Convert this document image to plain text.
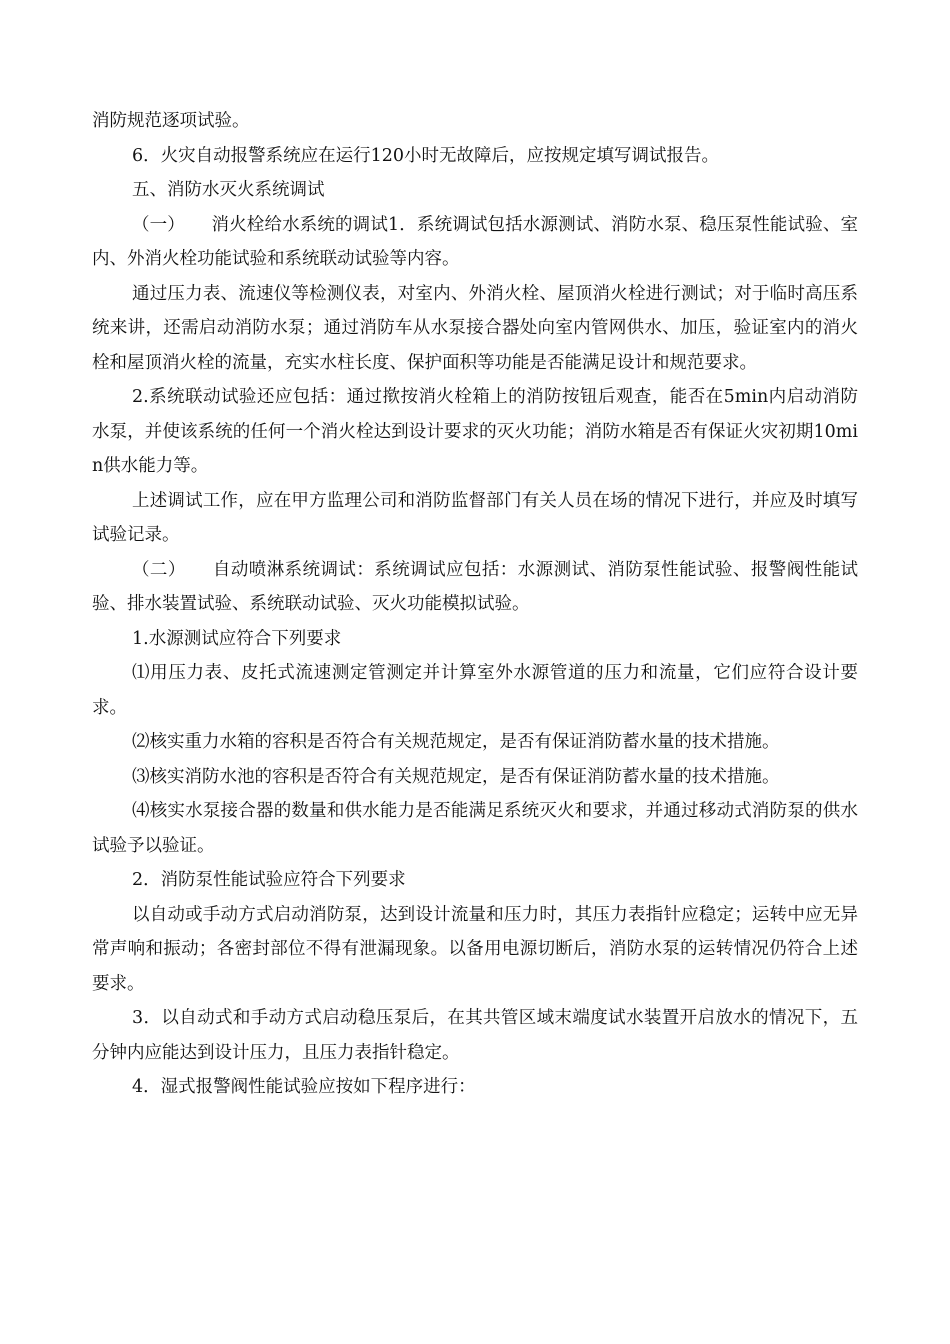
消防规范逐项试验。

6．火灾自动报警系统应在运行120小时无故障后，应按规定填写调试报告。

五、消防水灭火系统调试

（一）　　消火栓给水系统的调试1．系统调试包括水源测试、消防水泵、稳压泵性能试验、室内、外消火栓功能试验和系统联动试验等内容。

通过压力表、流速仪等检测仪表，对室内、外消火栓、屋顶消火栓进行测试；对于临时高压系统来讲，还需启动消防水泵；通过消防车从水泵接合器处向室内管网供水、加压，验证室内的消火栓和屋顶消火栓的流量，充实水柱长度、保护面积等功能是否能满足设计和规范要求。

2.系统联动试验还应包括：通过揿按消火栓箱上的消防按钮后观查，能否在5min内启动消防水泵，并使该系统的任何一个消火栓达到设计要求的灭火功能；消防水箱是否有保证火灾初期10min供水能力等。

上述调试工作，应在甲方监理公司和消防监督部门有关人员在场的情况下进行，并应及时填写试验记录。

（二）　　自动喷淋系统调试：系统调试应包括：水源测试、消防泵性能试验、报警阀性能试验、排水装置试验、系统联动试验、灭火功能模拟试验。

1.水源测试应符合下列要求

⑴用压力表、皮托式流速测定管测定并计算室外水源管道的压力和流量，它们应符合设计要求。

⑵核实重力水箱的容积是否符合有关规范规定，是否有保证消防蓄水量的技术措施。

⑶核实消防水池的容积是否符合有关规范规定，是否有保证消防蓄水量的技术措施。

⑷核实水泵接合器的数量和供水能力是否能满足系统灭火和要求，并通过移动式消防泵的供水试验予以验证。

2．消防泵性能试验应符合下列要求

以自动或手动方式启动消防泵，达到设计流量和压力时，其压力表指针应稳定；运转中应无异常声响和振动；各密封部位不得有泄漏现象。以备用电源切断后，消防水泵的运转情况仍符合上述要求。

3．以自动式和手动方式启动稳压泵后，在其共管区域末端度试水装置开启放水的情况下，五分钟内应能达到设计压力，且压力表指针稳定。

4．湿式报警阀性能试验应按如下程序进行：
